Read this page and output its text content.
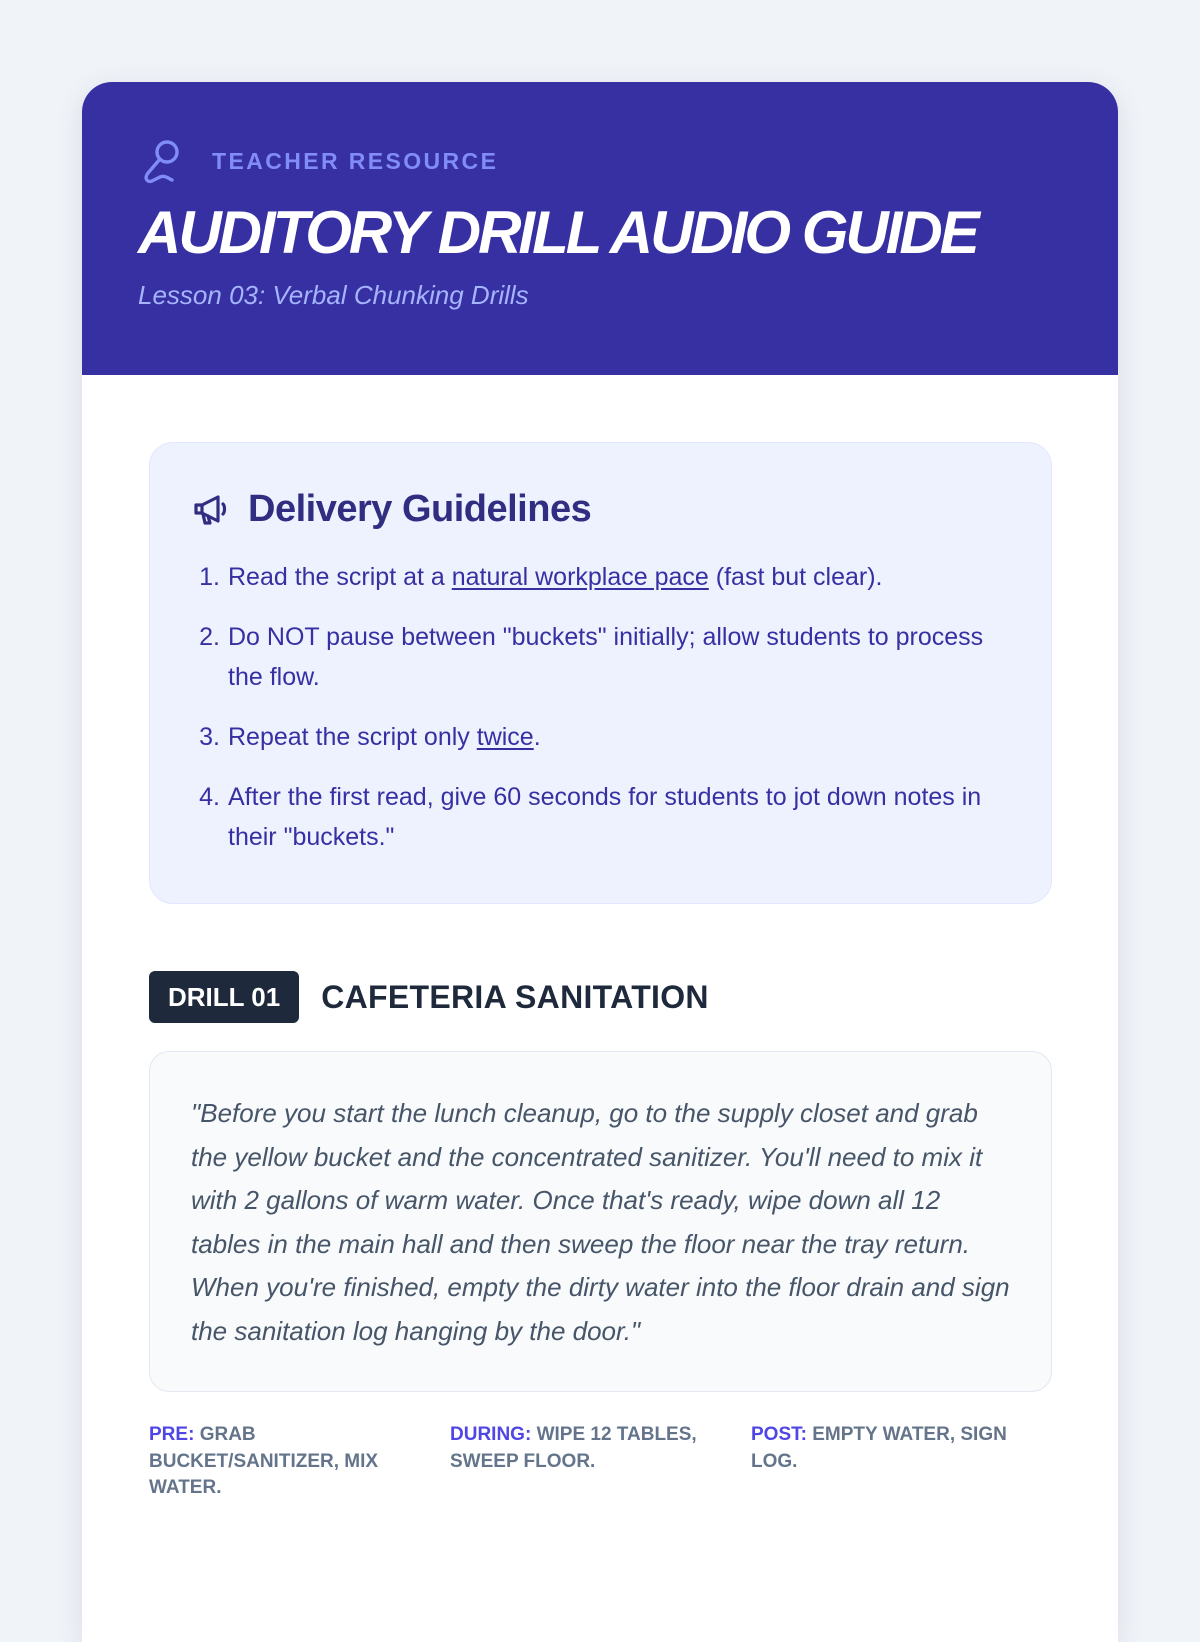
TEACHER RESOURCE
AUDITORY DRILL AUDIO GUIDE

Lesson 03: Verbal Chunking Drills

Delivery Guidelines
1. Read the script at a natural workplace pace (fast but clear).
2. Do NOT pause between "buckets" initially; allow students to process the flow.
3. Repeat the script only twice.
4. After the first read, give 60 seconds for students to jot down notes in their "buckets."
DRILL 01	CAFETERIA SANITATION
"Before you start the lunch cleanup, go to the supply closet and grab the yellow bucket and the concentrated sanitizer. You'll need to mix it with 2 gallons of warm water. Once that's ready, wipe down all 12 tables in the main hall and then sweep the floor near the tray return. When you're finished, empty the dirty water into the floor drain and sign the sanitation log hanging by the door."
PRE: GRAB BUCKET/SANITIZER, MIX WATER.
DURING: WIPE 12 TABLES, SWEEP FLOOR.
POST: EMPTY WATER, SIGN LOG.
